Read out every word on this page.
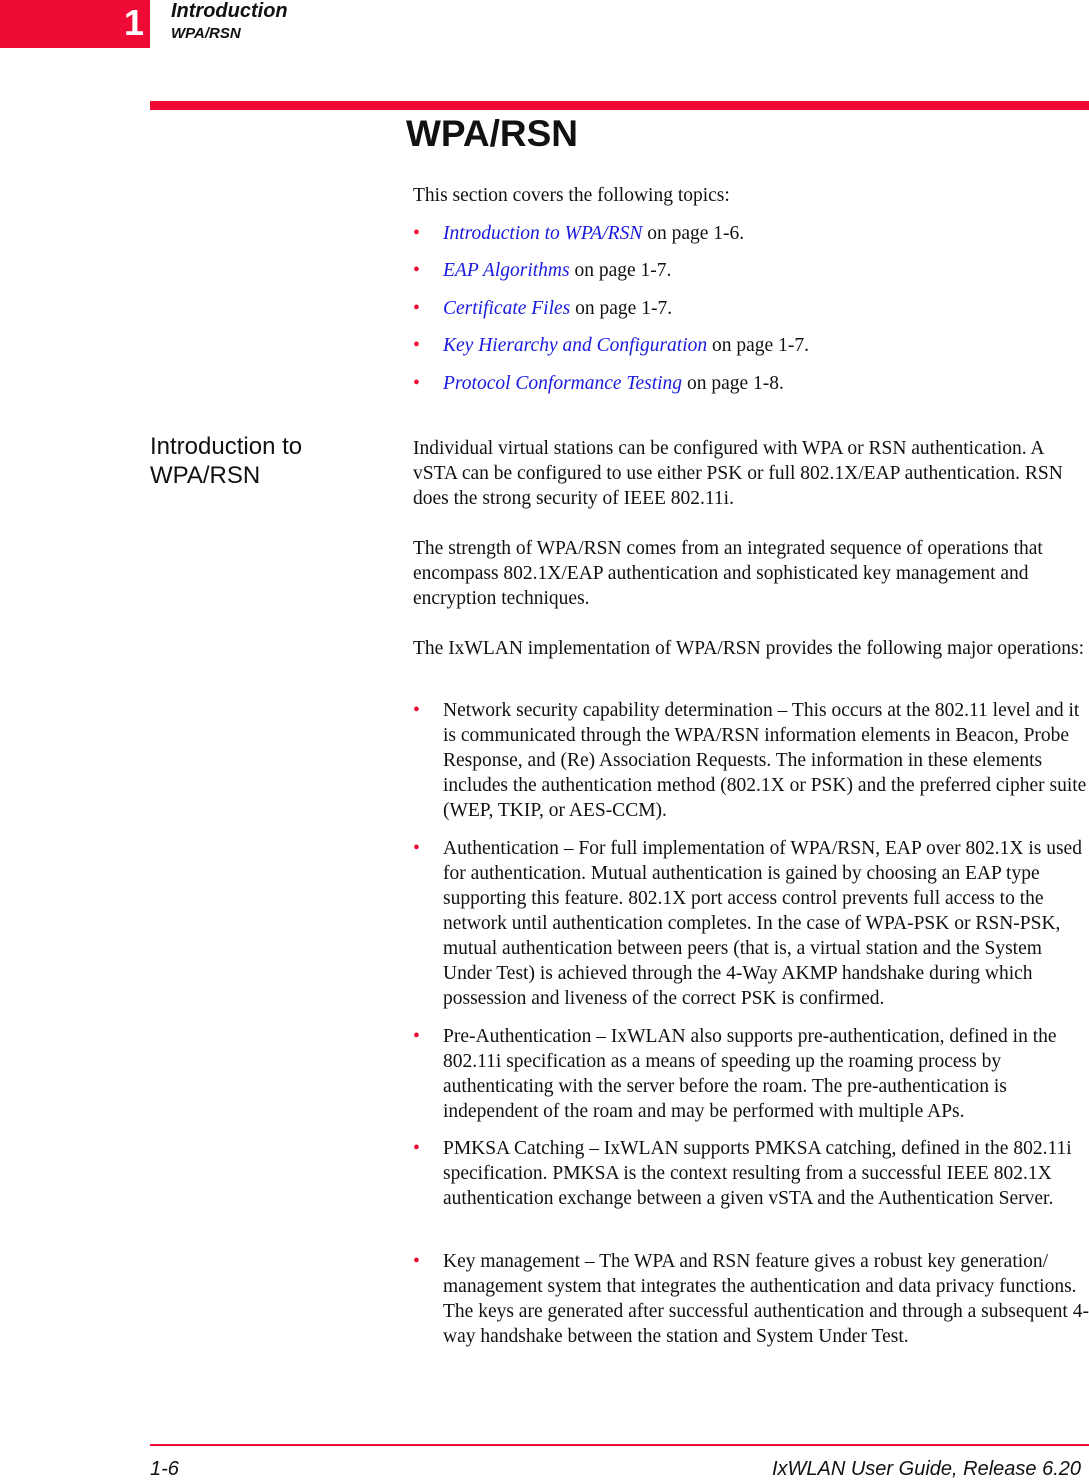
1 Introduction
WPA/RSN
WPA/RSN
This section covers the following topics:
• Introduction to WPA/RSN on page 1-6.
• EAP Algorithms on page 1-7.
• Certificate Files on page 1-7.
• Key Hierarchy and Configuration on page 1-7.
• Protocol Conformance Testing on page 1-8.
Introduction to WPA/RSN
Individual virtual stations can be configured with WPA or RSN authentication. A vSTA can be configured to use either PSK or full 802.1X/EAP authentication. RSN does the strong security of IEEE 802.11i.
The strength of WPA/RSN comes from an integrated sequence of operations that encompass 802.1X/EAP authentication and sophisticated key management and encryption techniques.
The IxWLAN implementation of WPA/RSN provides the following major operations:
• Network security capability determination – This occurs at the 802.11 level and it is communicated through the WPA/RSN information elements in Beacon, Probe Response, and (Re) Association Requests. The information in these elements includes the authentication method (802.1X or PSK) and the preferred cipher suite (WEP, TKIP, or AES-CCM).
• Authentication – For full implementation of WPA/RSN, EAP over 802.1X is used for authentication. Mutual authentication is gained by choosing an EAP type supporting this feature. 802.1X port access control prevents full access to the network until authentication completes. In the case of WPA-PSK or RSN-PSK, mutual authentication between peers (that is, a virtual station and the System Under Test) is achieved through the 4-Way AKMP handshake during which possession and liveness of the correct PSK is confirmed.
• Pre-Authentication – IxWLAN also supports pre-authentication, defined in the 802.11i specification as a means of speeding up the roaming process by authenticating with the server before the roam. The pre-authentication is independent of the roam and may be performed with multiple APs.
• PMKSA Catching – IxWLAN supports PMKSA catching, defined in the 802.11i specification. PMKSA is the context resulting from a successful IEEE 802.1X authentication exchange between a given vSTA and the Authentication Server.
• Key management – The WPA and RSN feature gives a robust key generation/ management system that integrates the authentication and data privacy functions. The keys are generated after successful authentication and through a subsequent 4-way handshake between the station and System Under Test.
1-6	IxWLAN User Guide, Release 6.20
